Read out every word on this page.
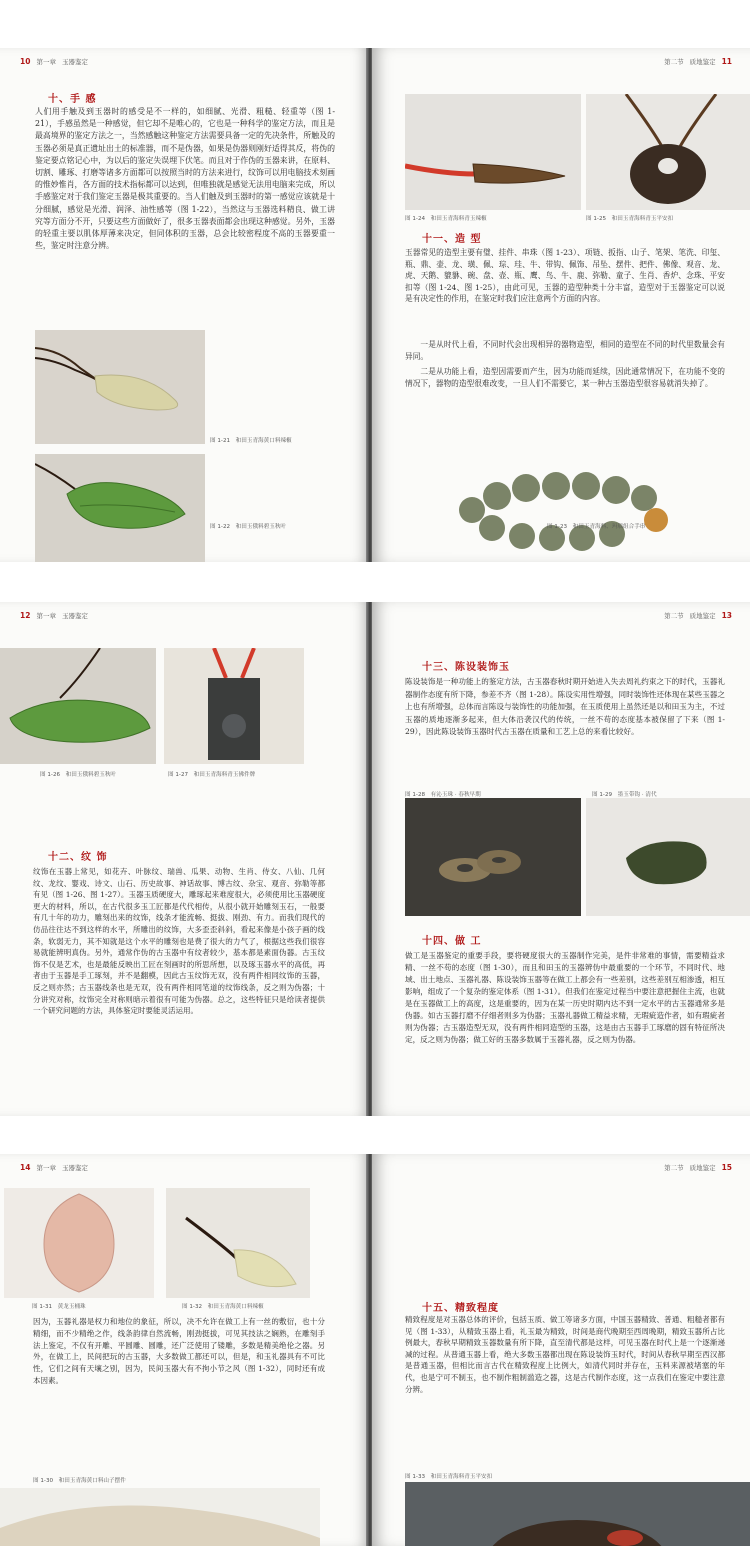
10 第一章 玉器鉴定
十、手 感
人们用手触及到玉器时的感受是不一样的，如细腻、光滑、粗糙、轻重等（图 1-21），手感虽然是一种感觉，但它却不是唯心的，它也是一种科学的鉴定方法，而且是最高境界的鉴定方法之一，当然感触这种鉴定方法需要具备一定的先决条件，所触及的玉器必须是真正遗址出土的标准器，而不是伪器，如果是伪器则刚好适得其反，将伪的鉴定要点铭记心中，为以后的鉴定失误埋下伏笔。而且对于作伪的玉器来讲，在原料、切割、雕琢、打磨等诸多方面都可以按照当时的方法来进行，纹饰可以用电脑技术刻画的惟妙惟肖，各方面的技术指标都可以达到，但唯独就是感觉无法用电脑来完成，所以手感鉴定对于我们鉴定玉器是极其重要的。当人们触及到玉器时的第一感觉应该就是十分细腻，感觉是光滑、润泽、油性感等（图 1-22），当然这与玉器选料精良、做工讲究等方面分不开，只要这些方面做好了，很多玉器表面都会出现这种感觉。另外，玉器的轻重主要以肌体厚薄来决定，但同体积的玉器，总会比较密程度不高的玉器要重一些，鉴定时注意分辨。
图 1-21　和田玉青海黄口料辣椒
图 1-22　和田玉俄料碧玉秋叶
第二节 质地鉴定 11
图 1-24　和田玉青海料青玉辣椒	图 1-25　和田玉青海料青玉平安扣
十一、造 型
玉器常见的造型主要有璧、挂件、串珠（图 1-23）、项链、扳指、山子、笔架、笔洗、印玺、瓶、鼎、壶、龙、璜、佩、琮、珪、牛、带钩、佩饰、吊坠、摆件、把件、佛像、观音、龙、虎、天鹅、貔貅、碗、盘、壶、瓶、鹰、鸟、牛、鹿、弥勒、童子、生肖、香炉、念珠、平安扣等（图 1-24、图 1-25），由此可见，玉器的造型种类十分丰富，造型对于玉器鉴定可以说是有决定性的作用，在鉴定时我们应注意两个方面的内容。
一是从时代上看，不同时代会出现相异的器物造型，相同的造型在不同的时代里数量会有异同。
二是从功能上看，造型因需要而产生，因为功能而延续，因此通常情况下，在功能不变的情况下，器物的造型很难改变，一旦人们不需要它，某一种古玉器造型很容易就消失掉了。
图 1-23　和田玉青海料、玛瑙组合手串
12 第一章 玉器鉴定
图 1-26　和田玉俄料碧玉秋叶	图 1-27　和田玉青海料青玉佛件牌
十二、纹 饰
纹饰在玉器上常见，如花卉、叶脉纹、瑞兽、瓜果、动物、生肖、侍女、八仙、几何纹、龙纹、婴戏、诗文、山石、历史故事、神话故事、博古纹、杂宝、观音、弥勒等都有见（图 1-26、图 1-27）。玉器玉质硬度大，雕琢起来难度很大，必须使用比玉器硬度更大的材料，所以，在古代很多玉工匠都是代代相传，从很小就开始雕刻玉石，一般要有几十年的功力，雕刻出来的纹饰，线条才能流畅、挺拔、刚劲、有力。而我们现代的仿品往往达不到这样的水平，所雕出的纹饰，大多歪歪斜斜，看起来像是小孩子画的线条，软弱无力，其不知就是这个水平的雕刻也是费了很大的力气了，根据这些我们很容易就能辨明真伪。另外，通常作伪的古玉器中有纹者较少，基本都是素面伪器。古玉纹饰不仅是艺术，也是最能反映出工匠在刻画时的所思所想，以及琢玉器水平的高低，再者由于玉器是手工琢刻，并不是翻模，因此古玉纹饰无双，没有两件相同纹饰的玉器，反之则亦然；古玉器线条也是无双，没有两件相同笔道的纹饰线条，反之则为伪器；十分讲究对称，纹饰完全对称则暗示着很有可能为伪器。总之，这些特征只是给读者提供一个研究问题的方法，具体鉴定时要能灵活运用。
第二节 质地鉴定 13
十三、陈设装饰玉
陈设装饰是一种功能上的鉴定方法，古玉器春秋时期开始进入失去周礼约束之下的时代，玉器礼器制作态度有所下降，参差不齐（图 1-28）。陈设实用性增强，同时装饰性还体现在某些玉器之上也有所增强，总体而言陈设与装饰性的功能加强，在玉质使用上虽然还是以和田玉为主，不过玉器的质地逐渐多起来，但大体沿袭汉代的传统，一丝不苟的态度基本被保留了下来（图 1-29），因此陈设装饰玉器时代古玉器在质量和工艺上总的来看比较好。
图 1-28　有沁玉珠 · 春秋早期	图 1-29　墨玉带钩 · 清代
十四、做 工
做工是玉器鉴定的重要手段，要将硬度很大的玉器制作完美，是件非常难的事情，需要精益求精、一丝不苟的态度（图 1-30），而且和田玉的玉器辨伪中最重要的一个环节，不同时代、地域、出土地点、玉器礼器、陈设装饰玉器等在做工上都会有一些差别，这些差别互相渗透，相互影响，组成了一个复杂的鉴定体系（图 1-31）。但我们在鉴定过程当中要注意把握住主流，也就是在玉器做工上的高度，这是重要的，因为在某一历史时期内达不到一定水平的古玉器通常多是伪器。如古玉器打磨不仔细者则多为伪器；玉器礼器做工精益求精，无瑕疵造作者，如有瑕疵者则为伪器；古玉器造型无双，没有两件相同造型的玉器，这是由古玉器手工琢磨的固有特征所决定，反之则为伪器；做工好的玉器多数属于玉器礼器，反之则为伪器。
14 第一章 玉器鉴定
图 1-31　黄龙玉桶珠	图 1-32　和田玉青海黄口料辣椒
因为，玉器礼器是权力和地位的象征，所以，决不允许在做工上有一丝的敷衍，也十分精细，而不少精绝之作，线条韵律自然流畅，刚劲挺拔，可见其技法之娴熟，在雕刻手法上鉴定，不仅有开雕、平圆雕、圆雕，还广泛使用了镂雕，多数是精美绝伦之器。另外，在做工上，民间把玩的古玉器，大多数做工都还可以，但是，和玉礼器具有不可比性，它们之间有天壤之别，因为，民间玉器大有不拘小节之风（图 1-32），同时还有成本因素。
图 1-30　和田玉青海黄口料山子摆件
第二节 质地鉴定 15
十五、精致程度
精致程度是对玉器总体的评价，包括玉质、做工等诸多方面，中国玉器精致、普通、粗糙者都有见（图 1-33），从精致玉器上看，礼玉最为精致，时间是商代晚期至西周晚期，精致玉器所占比例最大，春秋早期精致玉器数量有所下降，直至清代都是这样，可见玉器在时代上是一个逐渐递减的过程。从普通玉器上看，绝大多数玉器都出现在陈设装饰玉时代，时间从春秋早期至西汉都是普通玉器，但相比而言古代在精致程度上比例大，如清代同时并存在，玉料来源被堵塞的年代，也是宁可不制玉，也不制作粗制滥造之器，这是古代制作态度，这一点我们在鉴定中要注意分辨。
图 1-33　和田玉青海料青玉平安扣
